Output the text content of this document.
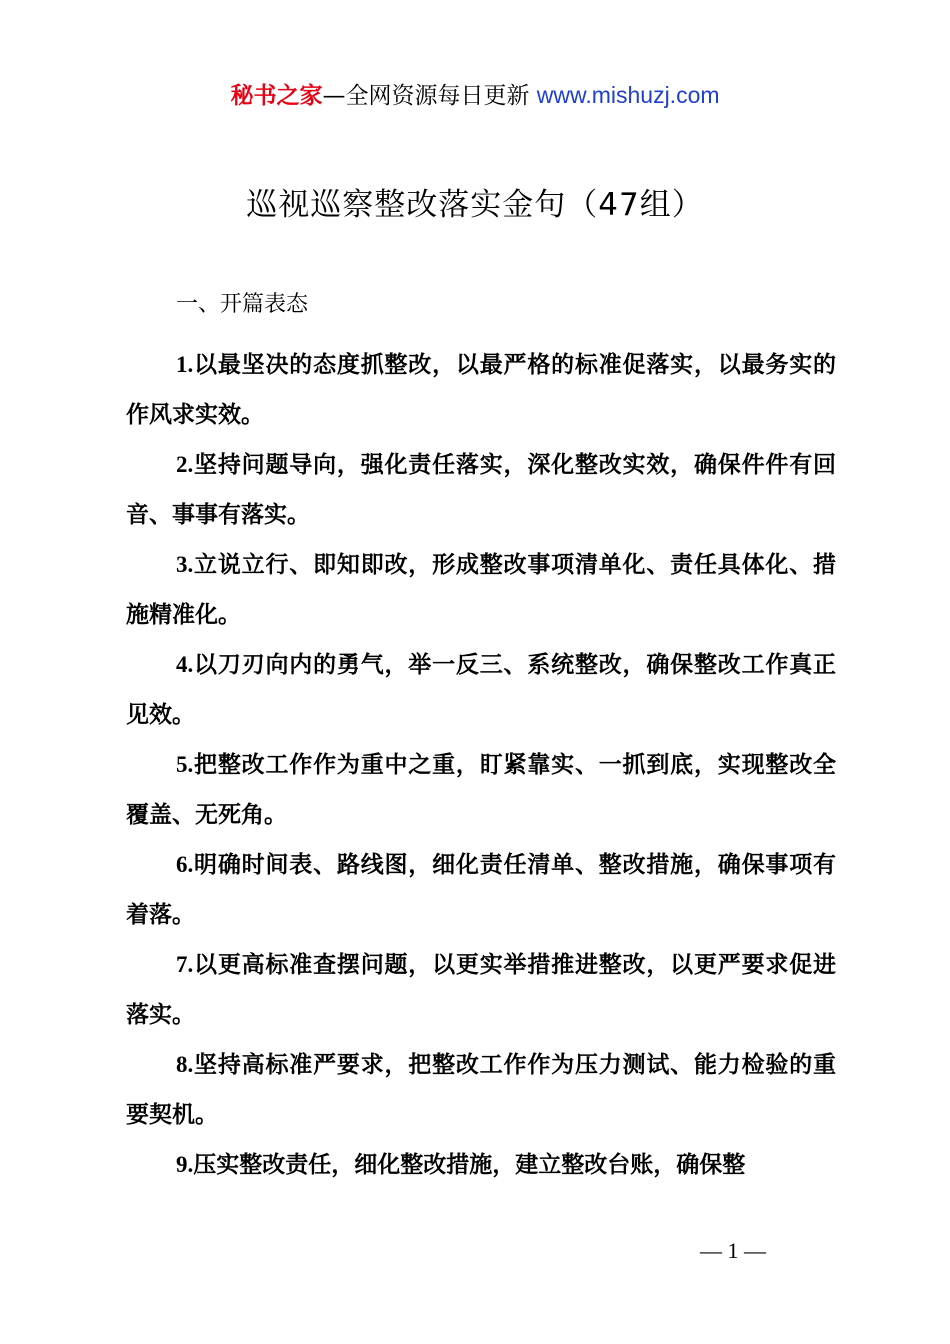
秘书之家—全网资源每日更新 www.mishuzj.com
巡视巡察整改落实金句（47组）
一、开篇表态

1.以最坚决的态度抓整改，以最严格的标准促落实，以最务实的作风求实效。

2.坚持问题导向，强化责任落实，深化整改实效，确保件件有回音、事事有落实。

3.立说立行、即知即改，形成整改事项清单化、责任具体化、措施精准化。

4.以刀刃向内的勇气，举一反三、系统整改，确保整改工作真正见效。

5.把整改工作作为重中之重，盯紧靠实、一抓到底，实现整改全覆盖、无死角。

6.明确时间表、路线图，细化责任清单、整改措施，确保事项有着落。

7.以更高标准查摆问题，以更实举措推进整改，以更严要求促进落实。

8.坚持高标准严要求，把整改工作作为压力测试、能力检验的重要契机。

9.压实整改责任，细化整改措施，建立整改台账，确保整

— 1 —
